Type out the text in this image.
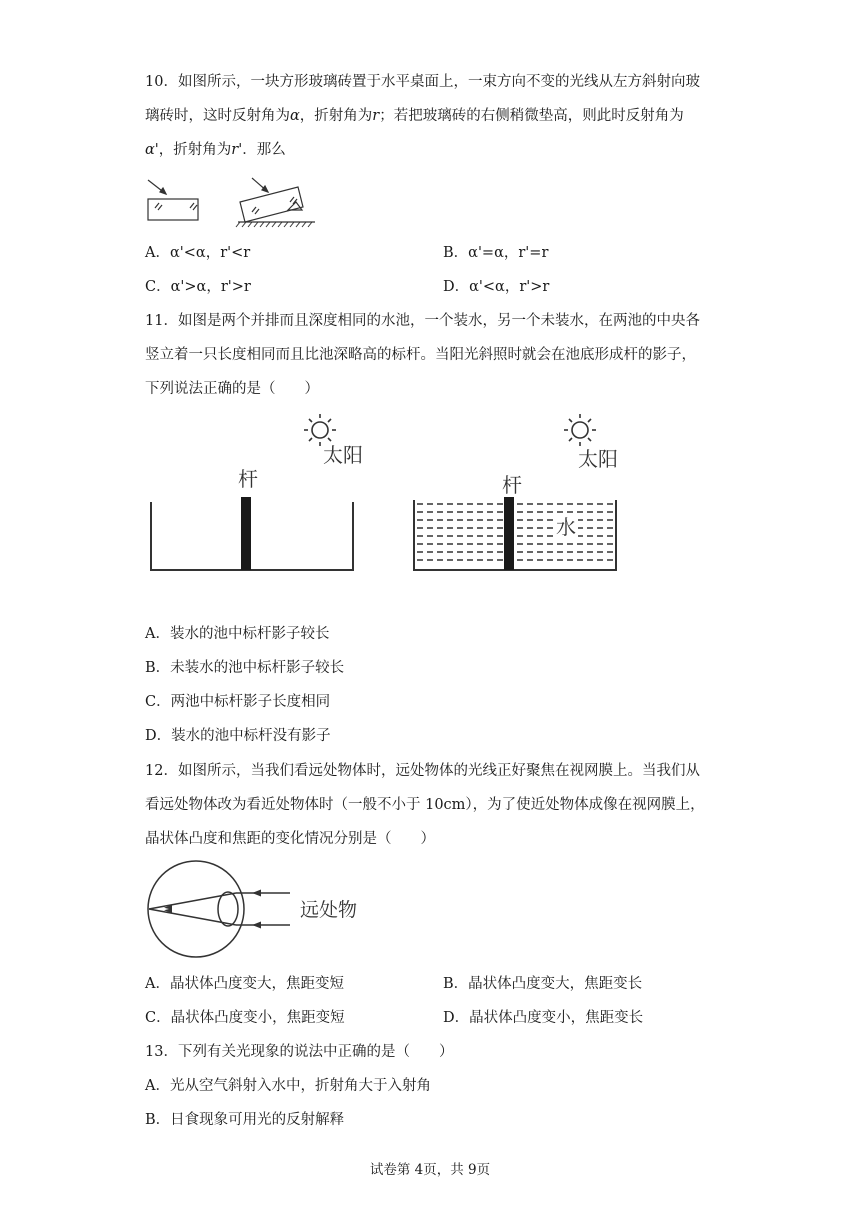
10．如图所示，一块方形玻璃砖置于水平桌面上，一束方向不变的光线从左方斜射向玻
璃砖时，这时反射角为α，折射角为r；若把玻璃砖的右侧稍微垫高，则此时反射角为
α'，折射角为r'．那么
A．α'<α，r'<r	B．α'=α，r'=r
C．α'>α，r'>r	D．α'<α，r'>r
11．如图是两个并排而且深度相同的水池，一个装水，另一个未装水，在两池的中央各
竖立着一只长度相同而且比池深略高的标杆。当阳光斜照时就会在池底形成杆的影子，
下列说法正确的是（　　）
太阳
杆
太阳
杆
水
A．装水的池中标杆影子较长
B．未装水的池中标杆影子较长
C．两池中标杆影子长度相同
D．装水的池中标杆没有影子
12．如图所示，当我们看远处物体时，远处物体的光线正好聚焦在视网膜上。当我们从
看远处物体改为看近处物体时（一般不小于 10cm），为了使近处物体成像在视网膜上，
晶状体凸度和焦距的变化情况分别是（　　）
远处物
A．晶状体凸度变大，焦距变短	B．晶状体凸度变大，焦距变长
C．晶状体凸度变小，焦距变短	D．晶状体凸度变小，焦距变长
13．下列有关光现象的说法中正确的是（　　）
A．光从空气斜射入水中，折射角大于入射角
B．日食现象可用光的反射解释
试卷第 4页，共 9页
